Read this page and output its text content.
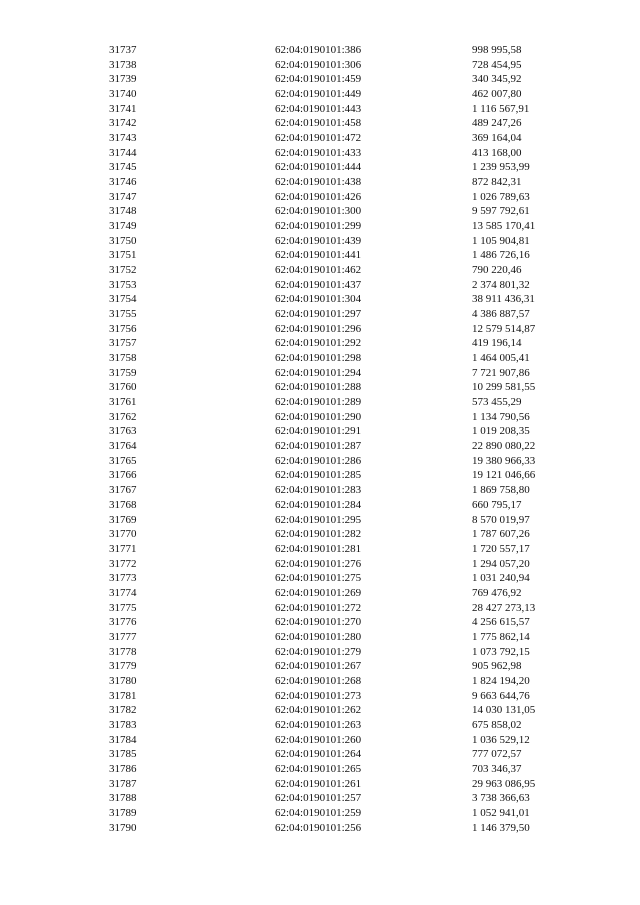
31737	62:04:0190101:386	998 995,58
31738	62:04:0190101:306	728 454,95
31739	62:04:0190101:459	340 345,92
31740	62:04:0190101:449	462 007,80
31741	62:04:0190101:443	1 116 567,91
31742	62:04:0190101:458	489 247,26
31743	62:04:0190101:472	369 164,04
31744	62:04:0190101:433	413 168,00
31745	62:04:0190101:444	1 239 953,99
31746	62:04:0190101:438	872 842,31
31747	62:04:0190101:426	1 026 789,63
31748	62:04:0190101:300	9 597 792,61
31749	62:04:0190101:299	13 585 170,41
31750	62:04:0190101:439	1 105 904,81
31751	62:04:0190101:441	1 486 726,16
31752	62:04:0190101:462	790 220,46
31753	62:04:0190101:437	2 374 801,32
31754	62:04:0190101:304	38 911 436,31
31755	62:04:0190101:297	4 386 887,57
31756	62:04:0190101:296	12 579 514,87
31757	62:04:0190101:292	419 196,14
31758	62:04:0190101:298	1 464 005,41
31759	62:04:0190101:294	7 721 907,86
31760	62:04:0190101:288	10 299 581,55
31761	62:04:0190101:289	573 455,29
31762	62:04:0190101:290	1 134 790,56
31763	62:04:0190101:291	1 019 208,35
31764	62:04:0190101:287	22 890 080,22
31765	62:04:0190101:286	19 380 966,33
31766	62:04:0190101:285	19 121 046,66
31767	62:04:0190101:283	1 869 758,80
31768	62:04:0190101:284	660 795,17
31769	62:04:0190101:295	8 570 019,97
31770	62:04:0190101:282	1 787 607,26
31771	62:04:0190101:281	1 720 557,17
31772	62:04:0190101:276	1 294 057,20
31773	62:04:0190101:275	1 031 240,94
31774	62:04:0190101:269	769 476,92
31775	62:04:0190101:272	28 427 273,13
31776	62:04:0190101:270	4 256 615,57
31777	62:04:0190101:280	1 775 862,14
31778	62:04:0190101:279	1 073 792,15
31779	62:04:0190101:267	905 962,98
31780	62:04:0190101:268	1 824 194,20
31781	62:04:0190101:273	9 663 644,76
31782	62:04:0190101:262	14 030 131,05
31783	62:04:0190101:263	675 858,02
31784	62:04:0190101:260	1 036 529,12
31785	62:04:0190101:264	777 072,57
31786	62:04:0190101:265	703 346,37
31787	62:04:0190101:261	29 963 086,95
31788	62:04:0190101:257	3 738 366,63
31789	62:04:0190101:259	1 052 941,01
31790	62:04:0190101:256	1 146 379,50
